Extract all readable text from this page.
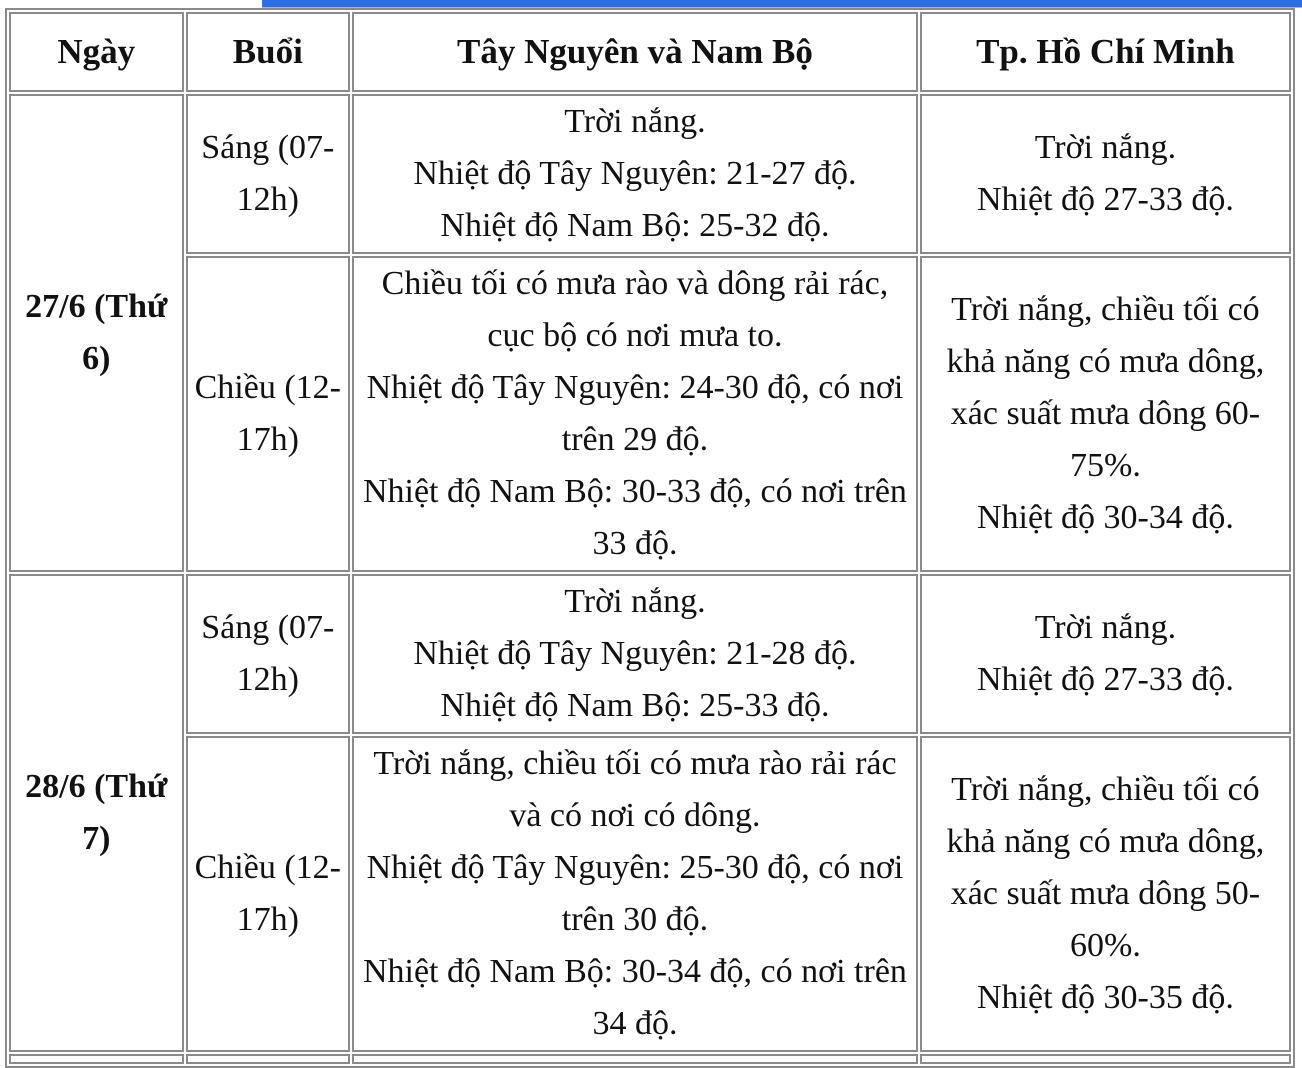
Ngày	Buổi	Tây Nguyên và Nam Bộ	Tp. Hồ Chí Minh
27/6 (Thứ 6)	Sáng (07-12h)	Trời nắng.
Nhiệt độ Tây Nguyên: 21-27 độ.
Nhiệt độ Nam Bộ: 25-32 độ.	Trời nắng.
Nhiệt độ 27-33 độ.

	Chiều (12-17h)	Chiều tối có mưa rào và dông rải rác, cục bộ có nơi mưa to.
Nhiệt độ Tây Nguyên: 24-30 độ, có nơi trên 29 độ.
Nhiệt độ Nam Bộ: 30-33 độ, có nơi trên 33 độ.	Trời nắng, chiều tối có khả năng có mưa dông, xác suất mưa dông 60-75%.
Nhiệt độ 30-34 độ.

28/6 (Thứ 7)	Sáng (07-12h)	Trời nắng.
Nhiệt độ Tây Nguyên: 21-28 độ.
Nhiệt độ Nam Bộ: 25-33 độ.	Trời nắng.
Nhiệt độ 27-33 độ.

	Chiều (12-17h)	Trời nắng, chiều tối có mưa rào rải rác và có nơi có dông.
Nhiệt độ Tây Nguyên: 25-30 độ, có nơi trên 30 độ.
Nhiệt độ Nam Bộ: 30-34 độ, có nơi trên 34 độ.	Trời nắng, chiều tối có khả năng có mưa dông, xác suất mưa dông 50-60%.
Nhiệt độ 30-35 độ.
